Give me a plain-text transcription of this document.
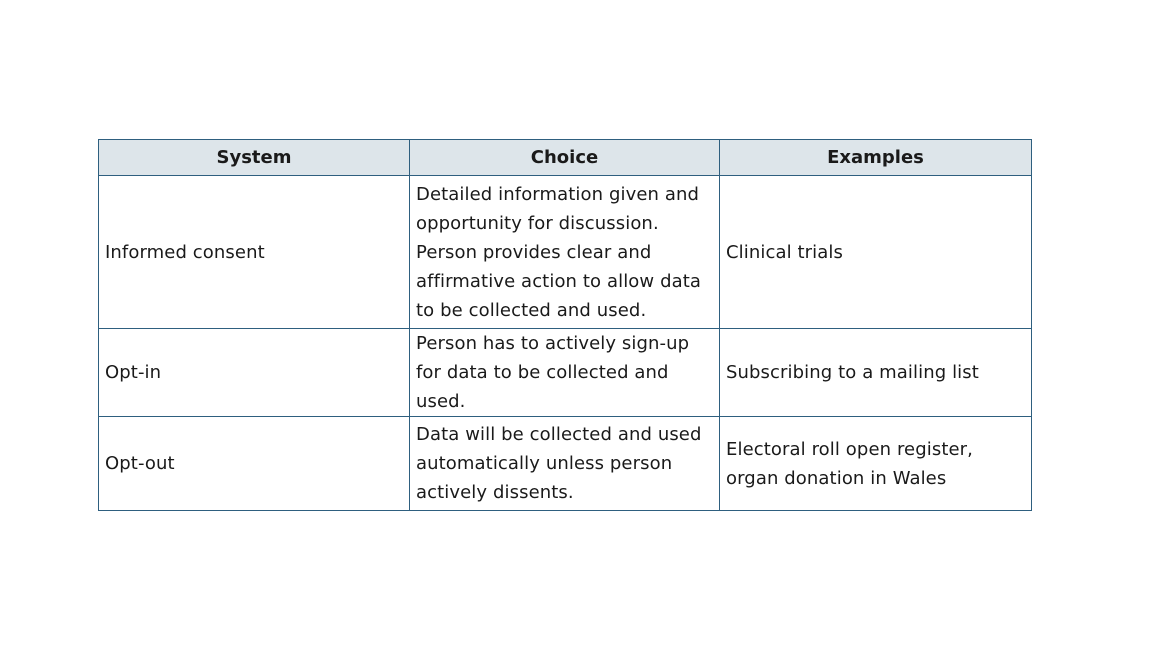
System	Choice	Examples
Informed consent	Detailed information given and opportunity for discussion. Person provides clear and affirmative action to allow data to be collected and used.	Clinical trials
Opt-in	Person has to actively sign-up for data to be collected and used.	Subscribing to a mailing list
Opt-out	Data will be collected and used automatically unless person actively dissents.	Electoral roll open register, organ donation in Wales
